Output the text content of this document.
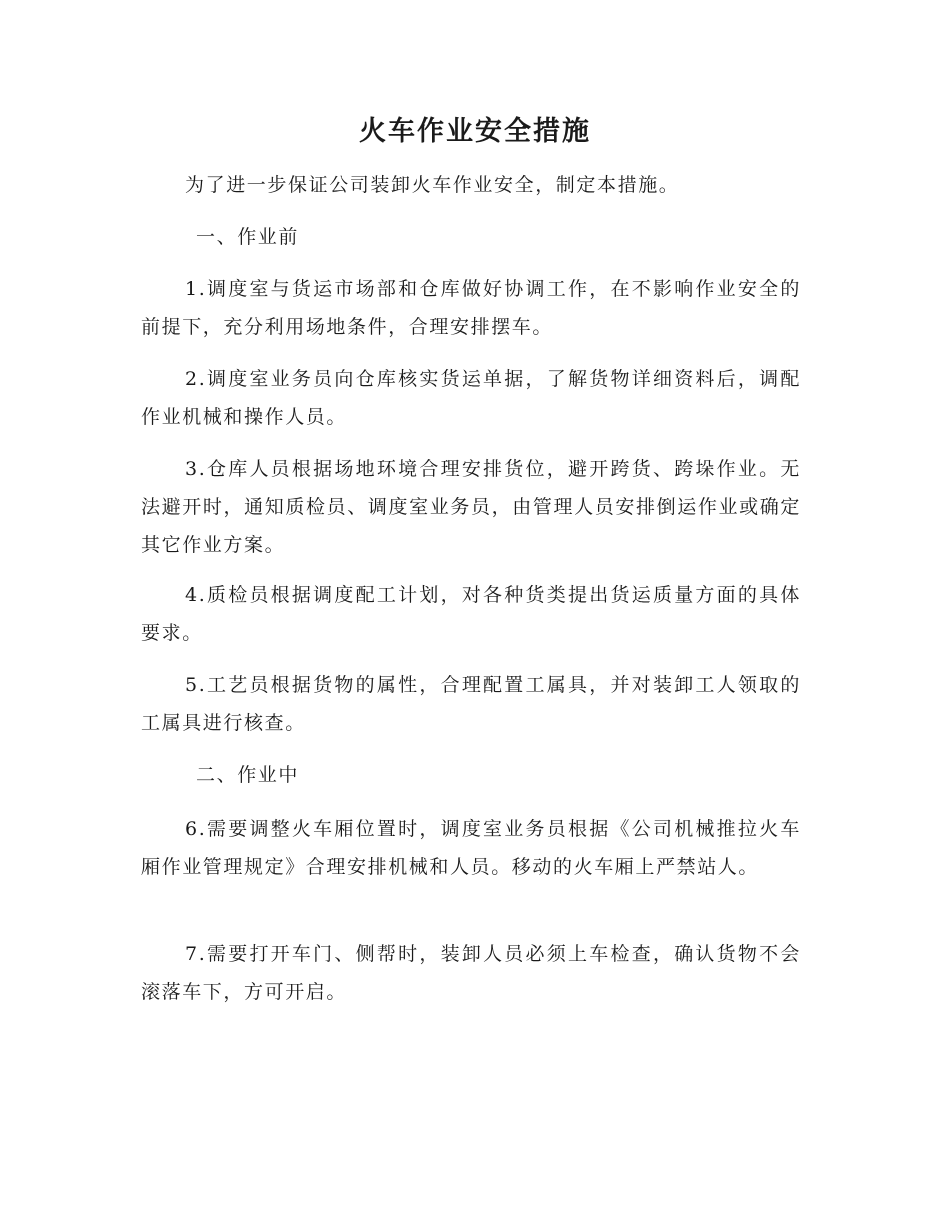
火车作业安全措施
为了进一步保证公司装卸火车作业安全，制定本措施。
一、作业前
1.调度室与货运市场部和仓库做好协调工作，在不影响作业安全的前提下，充分利用场地条件，合理安排摆车。
2.调度室业务员向仓库核实货运单据，了解货物详细资料后，调配作业机械和操作人员。
3.仓库人员根据场地环境合理安排货位，避开跨货、跨垛作业。无法避开时，通知质检员、调度室业务员，由管理人员安排倒运作业或确定其它作业方案。
4.质检员根据调度配工计划，对各种货类提出货运质量方面的具体要求。
5.工艺员根据货物的属性，合理配置工属具，并对装卸工人领取的工属具进行核查。
二、作业中
6.需要调整火车厢位置时，调度室业务员根据《公司机械推拉火车厢作业管理规定》合理安排机械和人员。移动的火车厢上严禁站人。
7.需要打开车门、侧帮时，装卸人员必须上车检查，确认货物不会滚落车下，方可开启。
